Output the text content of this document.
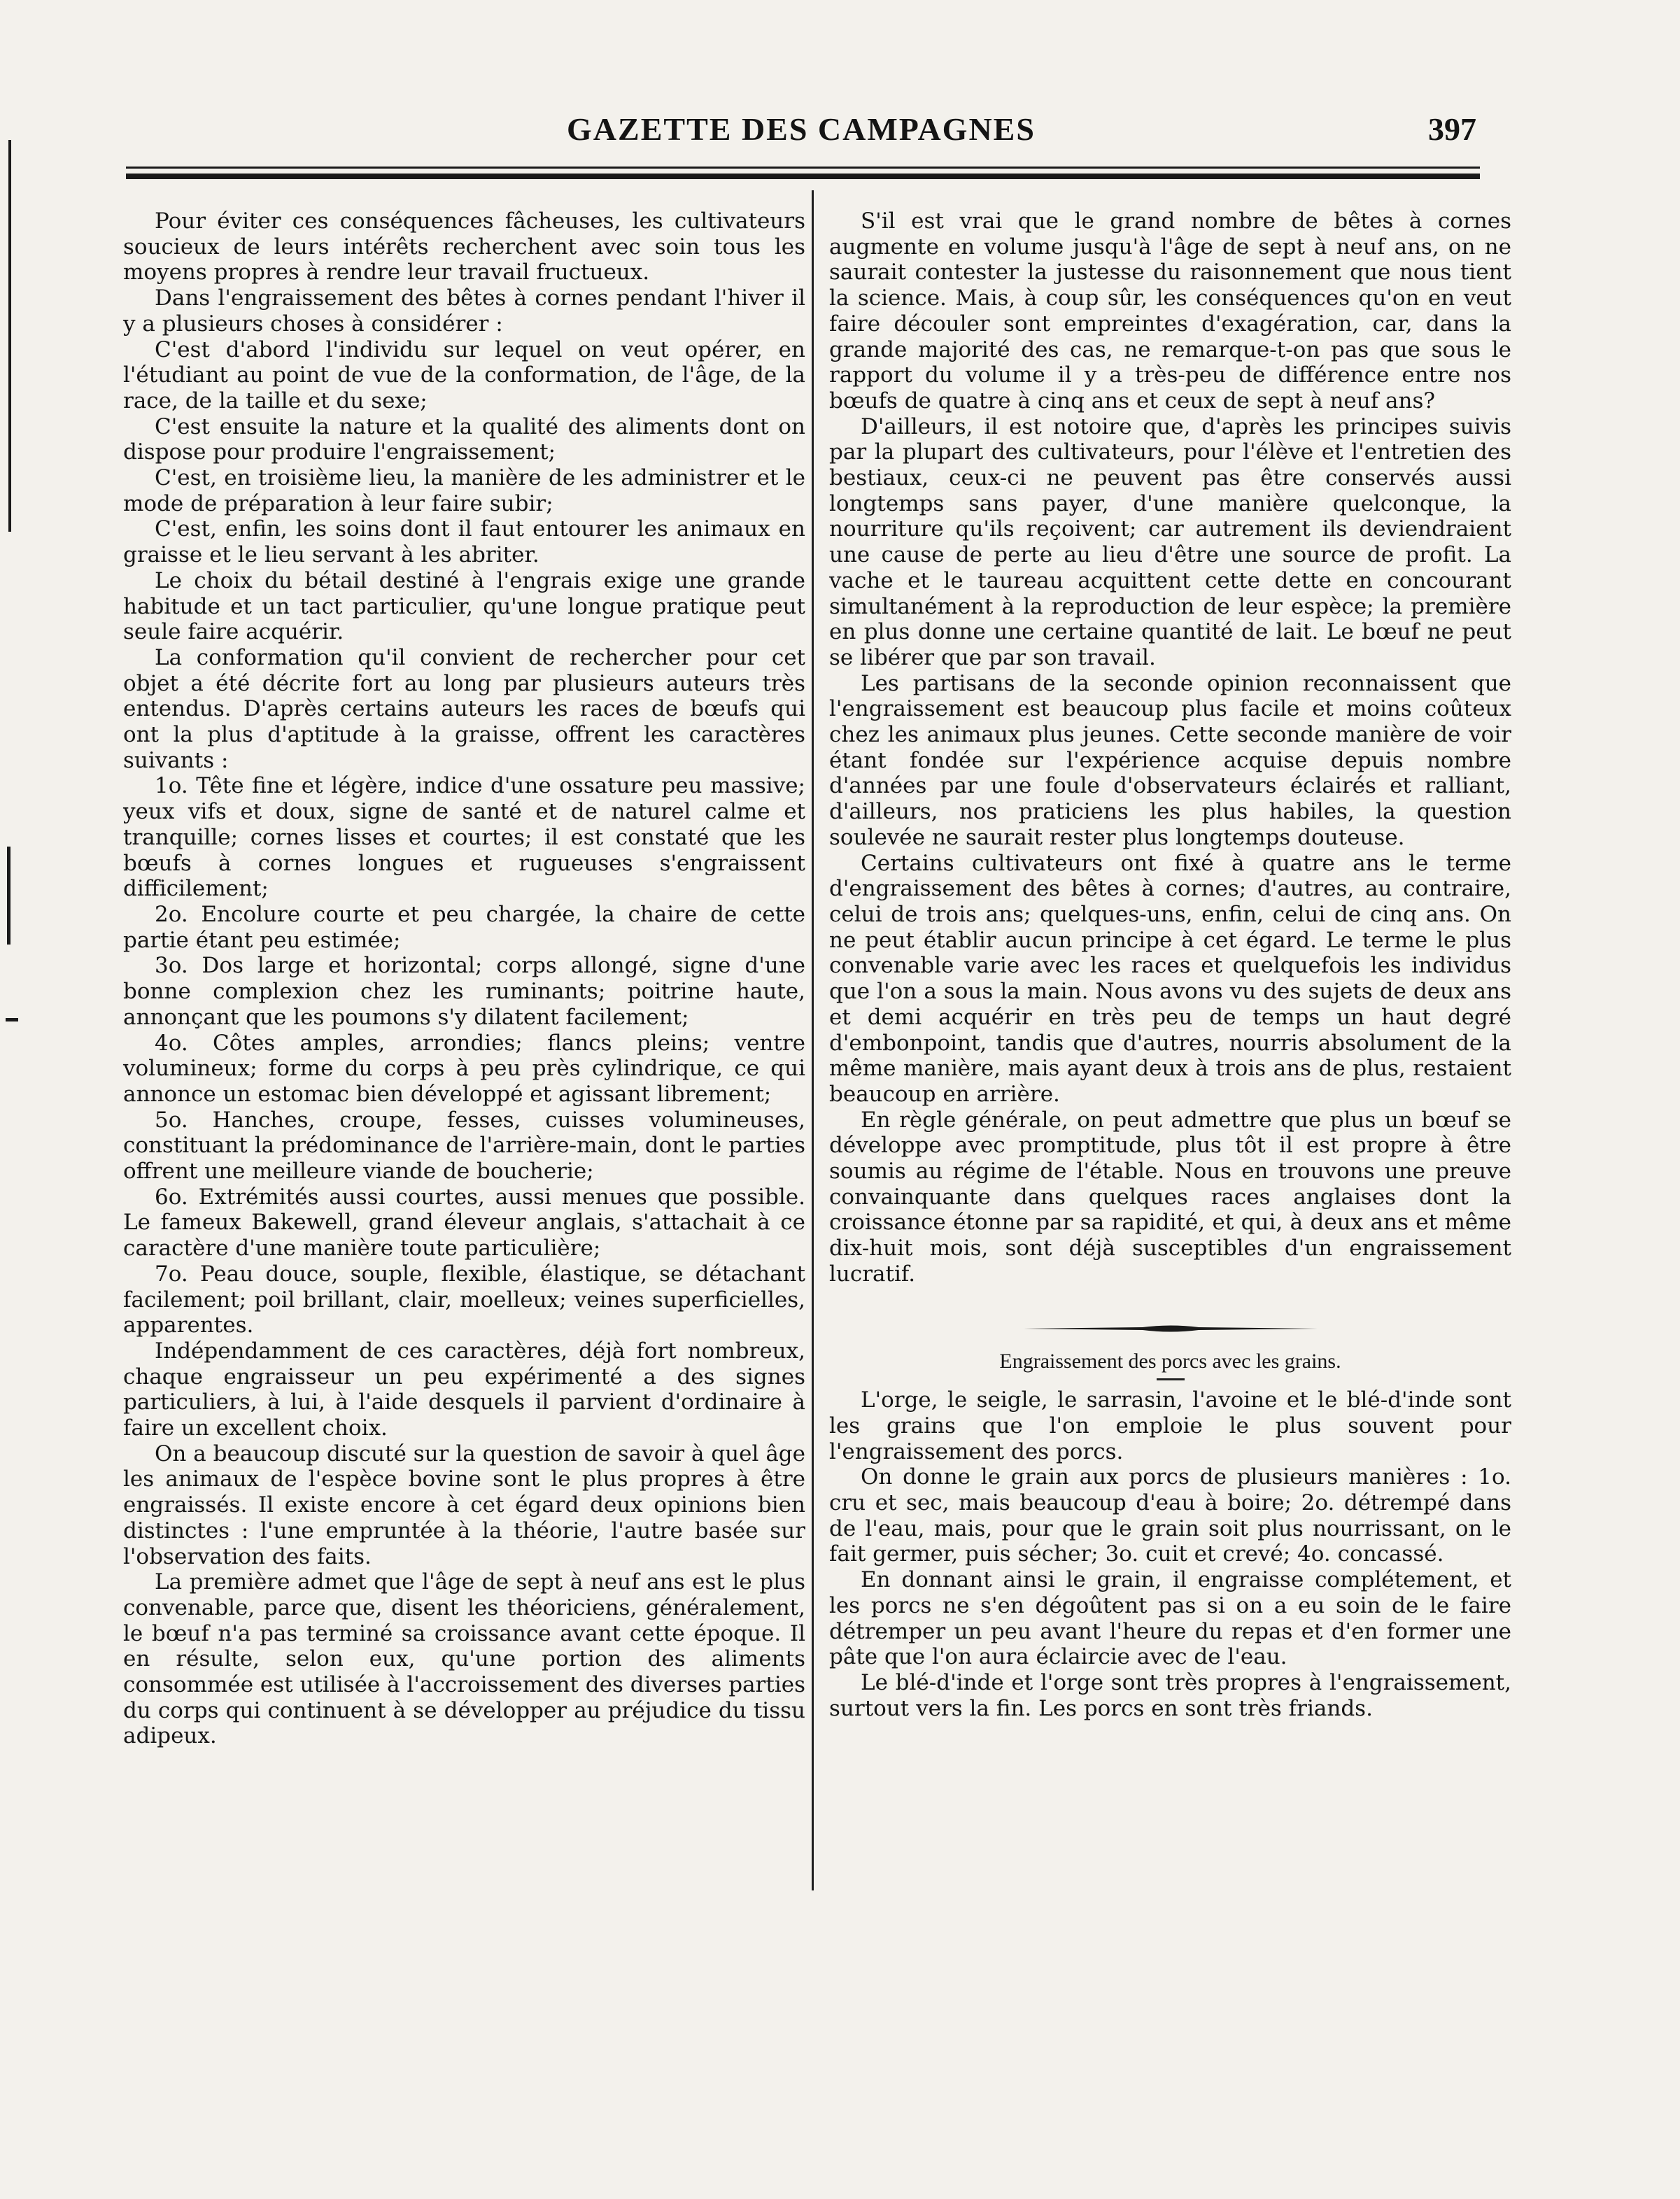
GAZETTE DES CAMPAGNES	397

Pour éviter ces conséquences fâcheuses, les cultivateurs soucieux de leurs intérêts recherchent avec soin tous les moyens propres à rendre leur travail fructueux.

Dans l'engraissement des bêtes à cornes pendant l'hiver il y a plusieurs choses à considérer :

C'est d'abord l'individu sur lequel on veut opérer, en l'étudiant au point de vue de la conformation, de l'âge, de la race, de la taille et du sexe;

C'est ensuite la nature et la qualité des aliments dont on dispose pour produire l'engraissement;

C'est, en troisième lieu, la manière de les administrer et le mode de préparation à leur faire subir;

C'est, enfin, les soins dont il faut entourer les animaux en graisse et le lieu servant à les abriter.

Le choix du bétail destiné à l'engrais exige une grande habitude et un tact particulier, qu'une longue pratique peut seule faire acquérir.

La conformation qu'il convient de rechercher pour cet objet a été décrite fort au long par plusieurs auteurs très entendus. D'après certains auteurs les races de bœufs qui ont la plus d'aptitude à la graisse, offrent les caractères suivants :

1o. Tête fine et légère, indice d'une ossature peu massive; yeux vifs et doux, signe de santé et de naturel calme et tranquille; cornes lisses et courtes; il est constaté que les bœufs à cornes longues et rugueuses s'engraissent difficilement;

2o. Encolure courte et peu chargée, la chaire de cette partie étant peu estimée;

3o. Dos large et horizontal; corps allongé, signe d'une bonne complexion chez les ruminants; poitrine haute, annonçant que les poumons s'y dilatent facilement;

4o. Côtes amples, arrondies; flancs pleins; ventre volumineux; forme du corps à peu près cylindrique, ce qui annonce un estomac bien développé et agissant librement;

5o. Hanches, croupe, fesses, cuisses volumineuses, constituant la prédominance de l'arrière-main, dont le parties offrent une meilleure viande de boucherie;

6o. Extrémités aussi courtes, aussi menues que possible. Le fameux Bakewell, grand éleveur anglais, s'attachait à ce caractère d'une manière toute particulière;

7o. Peau douce, souple, flexible, élastique, se détachant facilement; poil brillant, clair, moelleux; veines superficielles, apparentes.

Indépendamment de ces caractères, déjà fort nombreux, chaque engraisseur un peu expérimenté a des signes particuliers, à lui, à l'aide desquels il parvient d'ordinaire à faire un excellent choix.

On a beaucoup discuté sur la question de savoir à quel âge les animaux de l'espèce bovine sont le plus propres à être engraissés. Il existe encore à cet égard deux opinions bien distinctes : l'une empruntée à la théorie, l'autre basée sur l'observation des faits.

La première admet que l'âge de sept à neuf ans est le plus convenable, parce que, disent les théoriciens, généralement, le bœuf n'a pas terminé sa croissance avant cette époque. Il en résulte, selon eux, qu'une portion des aliments consommée est utilisée à l'accroissement des diverses parties du corps qui continuent à se développer au préjudice du tissu adipeux.

S'il est vrai que le grand nombre de bêtes à cornes augmente en volume jusqu'à l'âge de sept à neuf ans, on ne saurait contester la justesse du raisonnement que nous tient la science. Mais, à coup sûr, les conséquences qu'on en veut faire découler sont empreintes d'exagération, car, dans la grande majorité des cas, ne remarque-t-on pas que sous le rapport du volume il y a très-peu de différence entre nos bœufs de quatre à cinq ans et ceux de sept à neuf ans?

D'ailleurs, il est notoire que, d'après les principes suivis par la plupart des cultivateurs, pour l'élève et l'entretien des bestiaux, ceux-ci ne peuvent pas être conservés aussi longtemps sans payer, d'une manière quelconque, la nourriture qu'ils reçoivent; car autrement ils deviendraient une cause de perte au lieu d'être une source de profit. La vache et le taureau acquittent cette dette en concourant simultanément à la reproduction de leur espèce; la première en plus donne une certaine quantité de lait. Le bœuf ne peut se libérer que par son travail.

Les partisans de la seconde opinion reconnaissent que l'engraissement est beaucoup plus facile et moins coûteux chez les animaux plus jeunes. Cette seconde manière de voir étant fondée sur l'expérience acquise depuis nombre d'années par une foule d'observateurs éclairés et ralliant, d'ailleurs, nos praticiens les plus habiles, la question soulevée ne saurait rester plus longtemps douteuse.

Certains cultivateurs ont fixé à quatre ans le terme d'engraissement des bêtes à cornes; d'autres, au contraire, celui de trois ans; quelques-uns, enfin, celui de cinq ans. On ne peut établir aucun principe à cet égard. Le terme le plus convenable varie avec les races et quelquefois les individus que l'on a sous la main. Nous avons vu des sujets de deux ans et demi acquérir en très peu de temps un haut degré d'embonpoint, tandis que d'autres, nourris absolument de la même manière, mais ayant deux à trois ans de plus, restaient beaucoup en arrière.

En règle générale, on peut admettre que plus un bœuf se développe avec promptitude, plus tôt il est propre à être soumis au régime de l'étable. Nous en trouvons une preuve convainquante dans quelques races anglaises dont la croissance étonne par sa rapidité, et qui, à deux ans et même dix-huit mois, sont déjà susceptibles d'un engraissement lucratif.

Engraissement des porcs avec les grains.

L'orge, le seigle, le sarrasin, l'avoine et le blé-d'inde sont les grains que l'on emploie le plus souvent pour l'engraissement des porcs.

On donne le grain aux porcs de plusieurs manières : 1o. cru et sec, mais beaucoup d'eau à boire; 2o. détrempé dans de l'eau, mais, pour que le grain soit plus nourrissant, on le fait germer, puis sécher; 3o. cuit et crevé; 4o. concassé.

En donnant ainsi le grain, il engraisse complétement, et les porcs ne s'en dégoûtent pas si on a eu soin de le faire détremper un peu avant l'heure du repas et d'en former une pâte que l'on aura éclaircie avec de l'eau.

Le blé-d'inde et l'orge sont très propres à l'engraissement, surtout vers la fin. Les porcs en sont très friands.
